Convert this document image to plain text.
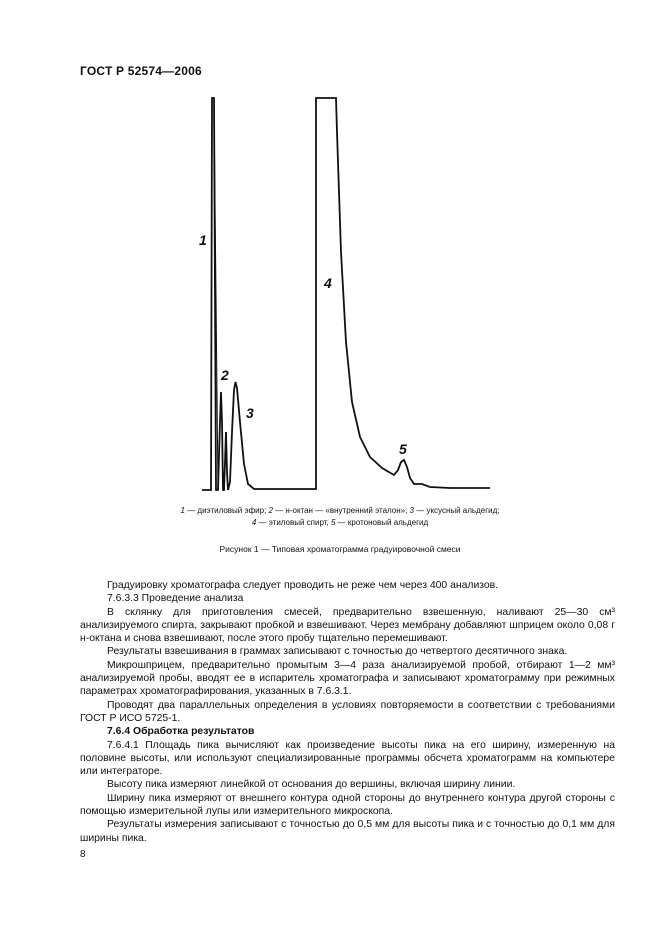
ГОСТ Р 52574—2006
1
2
3
4
5
1 — диэтиловый эфир; 2 — н-октан — «внутренний эталон»; 3 — уксусный альдегид;
4 — этиловый спирт, 5 — кротоновый альдегид
Рисунок 1 — Типовая хроматограмма градуировочной смеси

Градуировку хроматографа следует проводить не реже чем через 400 анализов.

7.6.3.3 Проведение анализа

В склянку для приготовления смесей, предварительно взвешенную, наливают 25—30 см³ анализируемого спирта, закрывают пробкой и взвешивают. Через мембрану добавляют шприцем около 0,08 г н-октана и снова взвешивают, после этого пробу тщательно перемешивают.

Результаты взвешивания в граммах записывают с точностью до четвертого десятичного знака.

Микрошприцем, предварительно промытым 3—4 раза анализируемой пробой, отбирают 1—2 мм³ анализируемой пробы, вводят ее в испаритель хроматографа и записывают хроматограмму при режимных параметрах хроматографирования, указанных в 7.6.3.1.

Проводят два параллельных определения в условиях повторяемости в соответствии с требованиями ГОСТ Р ИСО 5725-1.

7.6.4 Обработка результатов

7.6.4.1 Площадь пика вычисляют как произведение высоты пика на его ширину, измеренную на половине высоты, или используют специализированные программы обсчета хроматограмм на компьютере или интеграторе.

Высоту пика измеряют линейкой от основания до вершины, включая ширину линии.

Ширину пика измеряют от внешнего контура одной стороны до внутреннего контура другой стороны с помощью измерительной лупы или измерительного микроскопа.

Результаты измерения записывают с точностью до 0,5 мм для высоты пика и с точностью до 0,1 мм для ширины пика.

8
